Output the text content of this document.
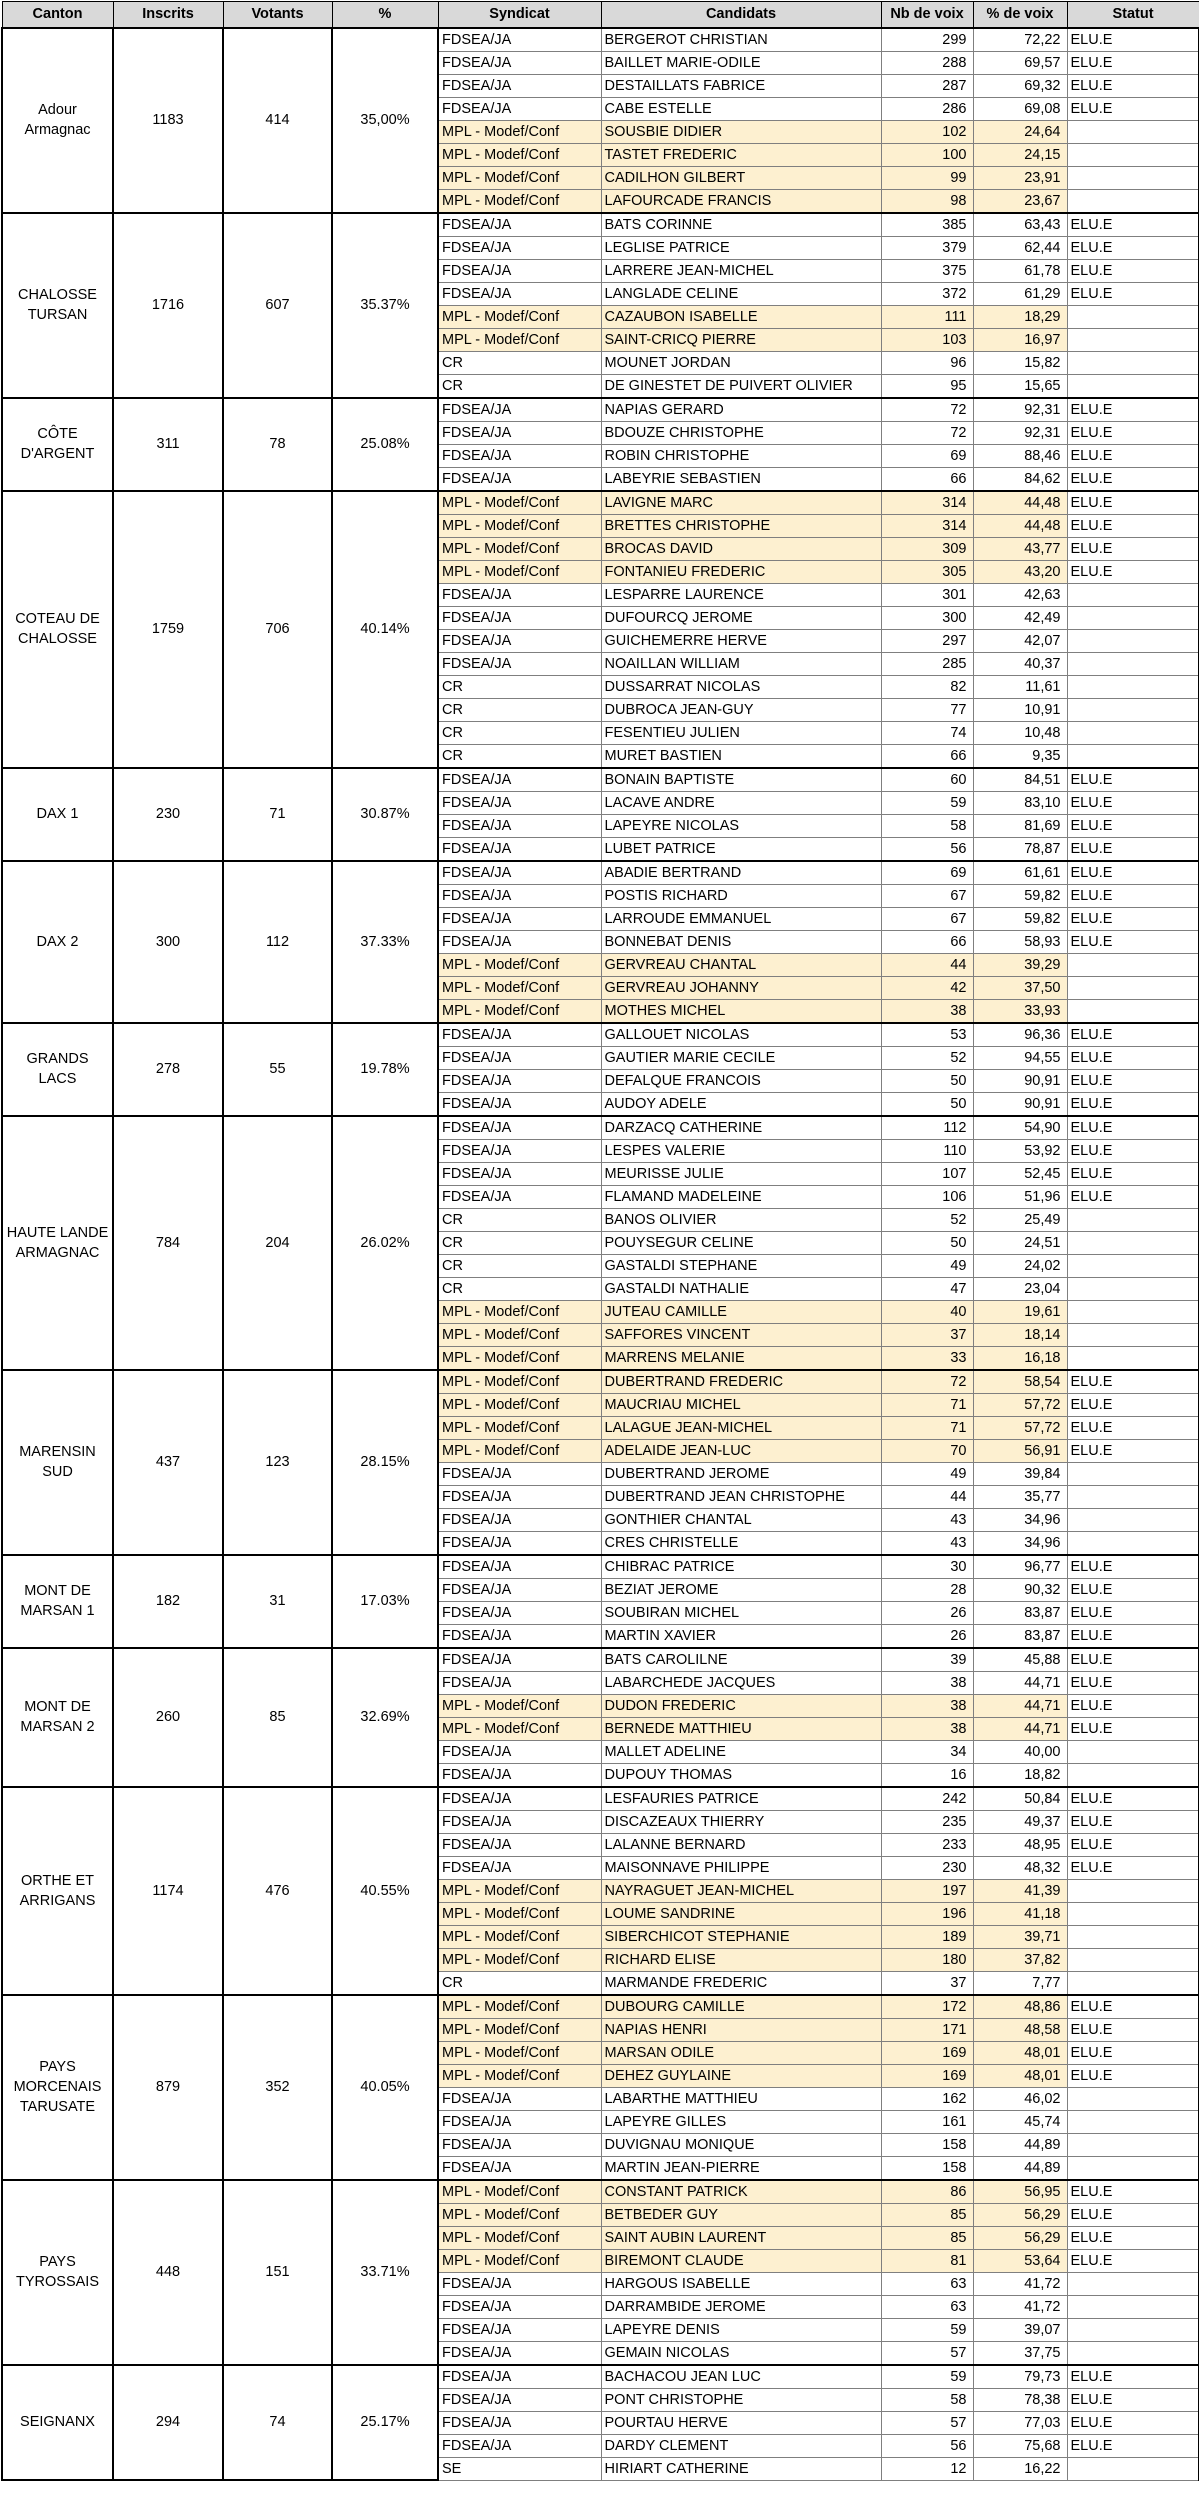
Canton	Inscrits	Votants	%	Syndicat	Candidats	Nb de voix	% de voix	Statut
Adour Armagnac	1183	414	35,00%	FDSEA/JA	BERGEROT CHRISTIAN	299	72,22	ELU.E
				FDSEA/JA	BAILLET MARIE-ODILE	288	69,57	ELU.E
				FDSEA/JA	DESTAILLATS FABRICE	287	69,32	ELU.E
				FDSEA/JA	CABE ESTELLE	286	69,08	ELU.E
				MPL - Modef/Conf	SOUSBIE DIDIER	102	24,64	
				MPL - Modef/Conf	TASTET FREDERIC	100	24,15	
				MPL - Modef/Conf	CADILHON GILBERT	99	23,91	
				MPL - Modef/Conf	LAFOURCADE FRANCIS	98	23,67	
CHALOSSE TURSAN	1716	607	35.37%	FDSEA/JA	BATS CORINNE	385	63,43	ELU.E
				FDSEA/JA	LEGLISE PATRICE	379	62,44	ELU.E
				FDSEA/JA	LARRERE JEAN-MICHEL	375	61,78	ELU.E
				FDSEA/JA	LANGLADE CELINE	372	61,29	ELU.E
				MPL - Modef/Conf	CAZAUBON ISABELLE	111	18,29	
				MPL - Modef/Conf	SAINT-CRICQ PIERRE	103	16,97	
				CR	MOUNET JORDAN	96	15,82	
				CR	DE GINESTET DE PUIVERT OLIVIER	95	15,65	
CÔTE D'ARGENT	311	78	25.08%	FDSEA/JA	NAPIAS GERARD	72	92,31	ELU.E
				FDSEA/JA	BDOUZE CHRISTOPHE	72	92,31	ELU.E
				FDSEA/JA	ROBIN CHRISTOPHE	69	88,46	ELU.E
				FDSEA/JA	LABEYRIE SEBASTIEN	66	84,62	ELU.E
COTEAU DE CHALOSSE	1759	706	40.14%	MPL - Modef/Conf	LAVIGNE MARC	314	44,48	ELU.E
				MPL - Modef/Conf	BRETTES CHRISTOPHE	314	44,48	ELU.E
				MPL - Modef/Conf	BROCAS DAVID	309	43,77	ELU.E
				MPL - Modef/Conf	FONTANIEU FREDERIC	305	43,20	ELU.E
				FDSEA/JA	LESPARRE LAURENCE	301	42,63	
				FDSEA/JA	DUFOURCQ JEROME	300	42,49	
				FDSEA/JA	GUICHEMERRE HERVE	297	42,07	
				FDSEA/JA	NOAILLAN WILLIAM	285	40,37	
				CR	DUSSARRAT NICOLAS	82	11,61	
				CR	DUBROCA JEAN-GUY	77	10,91	
				CR	FESENTIEU JULIEN	74	10,48	
				CR	MURET BASTIEN	66	9,35	
DAX 1	230	71	30.87%	FDSEA/JA	BONAIN BAPTISTE	60	84,51	ELU.E
				FDSEA/JA	LACAVE ANDRE	59	83,10	ELU.E
				FDSEA/JA	LAPEYRE NICOLAS	58	81,69	ELU.E
				FDSEA/JA	LUBET PATRICE	56	78,87	ELU.E
DAX 2	300	112	37.33%	FDSEA/JA	ABADIE BERTRAND	69	61,61	ELU.E
				FDSEA/JA	POSTIS RICHARD	67	59,82	ELU.E
				FDSEA/JA	LARROUDE EMMANUEL	67	59,82	ELU.E
				FDSEA/JA	BONNEBAT DENIS	66	58,93	ELU.E
				MPL - Modef/Conf	GERVREAU CHANTAL	44	39,29	
				MPL - Modef/Conf	GERVREAU JOHANNY	42	37,50	
				MPL - Modef/Conf	MOTHES MICHEL	38	33,93	
GRANDS LACS	278	55	19.78%	FDSEA/JA	GALLOUET NICOLAS	53	96,36	ELU.E
				FDSEA/JA	GAUTIER MARIE CECILE	52	94,55	ELU.E
				FDSEA/JA	DEFALQUE FRANCOIS	50	90,91	ELU.E
				FDSEA/JA	AUDOY ADELE	50	90,91	ELU.E
HAUTE LANDE ARMAGNAC	784	204	26.02%	FDSEA/JA	DARZACQ CATHERINE	112	54,90	ELU.E
				FDSEA/JA	LESPES VALERIE	110	53,92	ELU.E
				FDSEA/JA	MEURISSE JULIE	107	52,45	ELU.E
				FDSEA/JA	FLAMAND MADELEINE	106	51,96	ELU.E
				CR	BANOS OLIVIER	52	25,49	
				CR	POUYSEGUR CELINE	50	24,51	
				CR	GASTALDI STEPHANE	49	24,02	
				CR	GASTALDI NATHALIE	47	23,04	
				MPL - Modef/Conf	JUTEAU CAMILLE	40	19,61	
				MPL - Modef/Conf	SAFFORES VINCENT	37	18,14	
				MPL - Modef/Conf	MARRENS MELANIE	33	16,18	
MARENSIN SUD	437	123	28.15%	MPL - Modef/Conf	DUBERTRAND FREDERIC	72	58,54	ELU.E
				MPL - Modef/Conf	MAUCRIAU MICHEL	71	57,72	ELU.E
				MPL - Modef/Conf	LALAGUE JEAN-MICHEL	71	57,72	ELU.E
				MPL - Modef/Conf	ADELAIDE JEAN-LUC	70	56,91	ELU.E
				FDSEA/JA	DUBERTRAND JEROME	49	39,84	
				FDSEA/JA	DUBERTRAND JEAN CHRISTOPHE	44	35,77	
				FDSEA/JA	GONTHIER CHANTAL	43	34,96	
				FDSEA/JA	CRES CHRISTELLE	43	34,96	
MONT DE MARSAN 1	182	31	17.03%	FDSEA/JA	CHIBRAC PATRICE	30	96,77	ELU.E
				FDSEA/JA	BEZIAT JEROME	28	90,32	ELU.E
				FDSEA/JA	SOUBIRAN MICHEL	26	83,87	ELU.E
				FDSEA/JA	MARTIN XAVIER	26	83,87	ELU.E
MONT DE MARSAN 2	260	85	32.69%	FDSEA/JA	BATS CAROLILNE	39	45,88	ELU.E
				FDSEA/JA	LABARCHEDE JACQUES	38	44,71	ELU.E
				MPL - Modef/Conf	DUDON FREDERIC	38	44,71	ELU.E
				MPL - Modef/Conf	BERNEDE MATTHIEU	38	44,71	ELU.E
				FDSEA/JA	MALLET ADELINE	34	40,00	
				FDSEA/JA	DUPOUY THOMAS	16	18,82	
ORTHE ET ARRIGANS	1174	476	40.55%	FDSEA/JA	LESFAURIES PATRICE	242	50,84	ELU.E
				FDSEA/JA	DISCAZEAUX THIERRY	235	49,37	ELU.E
				FDSEA/JA	LALANNE BERNARD	233	48,95	ELU.E
				FDSEA/JA	MAISONNAVE PHILIPPE	230	48,32	ELU.E
				MPL - Modef/Conf	NAYRAGUET JEAN-MICHEL	197	41,39	
				MPL - Modef/Conf	LOUME SANDRINE	196	41,18	
				MPL - Modef/Conf	SIBERCHICOT STEPHANIE	189	39,71	
				MPL - Modef/Conf	RICHARD ELISE	180	37,82	
				CR	MARMANDE FREDERIC	37	7,77	
PAYS MORCENAIS TARUSATE	879	352	40.05%	MPL - Modef/Conf	DUBOURG CAMILLE	172	48,86	ELU.E
				MPL - Modef/Conf	NAPIAS HENRI	171	48,58	ELU.E
				MPL - Modef/Conf	MARSAN ODILE	169	48,01	ELU.E
				MPL - Modef/Conf	DEHEZ GUYLAINE	169	48,01	ELU.E
				FDSEA/JA	LABARTHE MATTHIEU	162	46,02	
				FDSEA/JA	LAPEYRE GILLES	161	45,74	
				FDSEA/JA	DUVIGNAU MONIQUE	158	44,89	
				FDSEA/JA	MARTIN JEAN-PIERRE	158	44,89	
PAYS TYROSSAIS	448	151	33.71%	MPL - Modef/Conf	CONSTANT PATRICK	86	56,95	ELU.E
				MPL - Modef/Conf	BETBEDER GUY	85	56,29	ELU.E
				MPL - Modef/Conf	SAINT AUBIN LAURENT	85	56,29	ELU.E
				MPL - Modef/Conf	BIREMONT CLAUDE	81	53,64	ELU.E
				FDSEA/JA	HARGOUS ISABELLE	63	41,72	
				FDSEA/JA	DARRAMBIDE JEROME	63	41,72	
				FDSEA/JA	LAPEYRE DENIS	59	39,07	
				FDSEA/JA	GEMAIN NICOLAS	57	37,75	
SEIGNANX	294	74	25.17%	FDSEA/JA	BACHACOU JEAN LUC	59	79,73	ELU.E
				FDSEA/JA	PONT CHRISTOPHE	58	78,38	ELU.E
				FDSEA/JA	POURTAU HERVE	57	77,03	ELU.E
				FDSEA/JA	DARDY CLEMENT	56	75,68	ELU.E
				SE	HIRIART CATHERINE	12	16,22	
